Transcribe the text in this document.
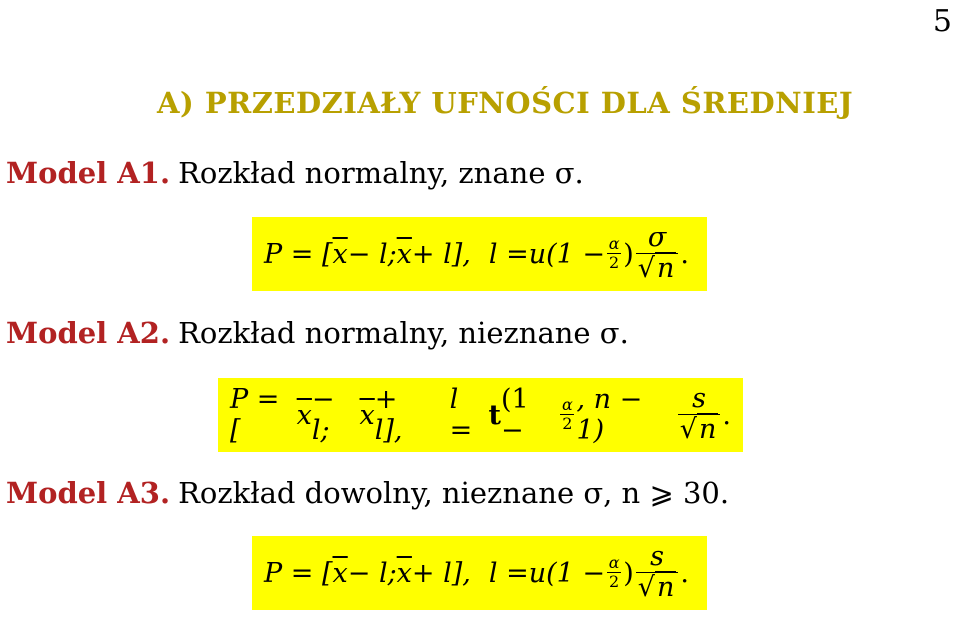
5
A) PRZEDZIAŁY UFNOŚCI DLA ŚREDNIEJ
Model A1. Rozkład normalny, znane σ.
P = [ $\overline{x} - l$; $\overline{x} + l$], $l = u(1 - \frac{\alpha}{2}$ ) $\frac{\sigma}{√n}$ .
Model A2. Rozkład normalny, nieznane σ.
P = [	$\overline{x} - l$;	$\overline{x} + l$],
l = t (1 −	$\frac{\alpha}{2}$ , n − 1)	$\frac{s}{√n}$ .
Model A3. Rozkład dowolny, nieznane σ, n ⩾ 30.
P = [ $\overline{x} - l$; $\overline{x} + l$], $l = u(1 - \frac{\alpha}{2}$ ) $\frac{s}{√n}$ .
